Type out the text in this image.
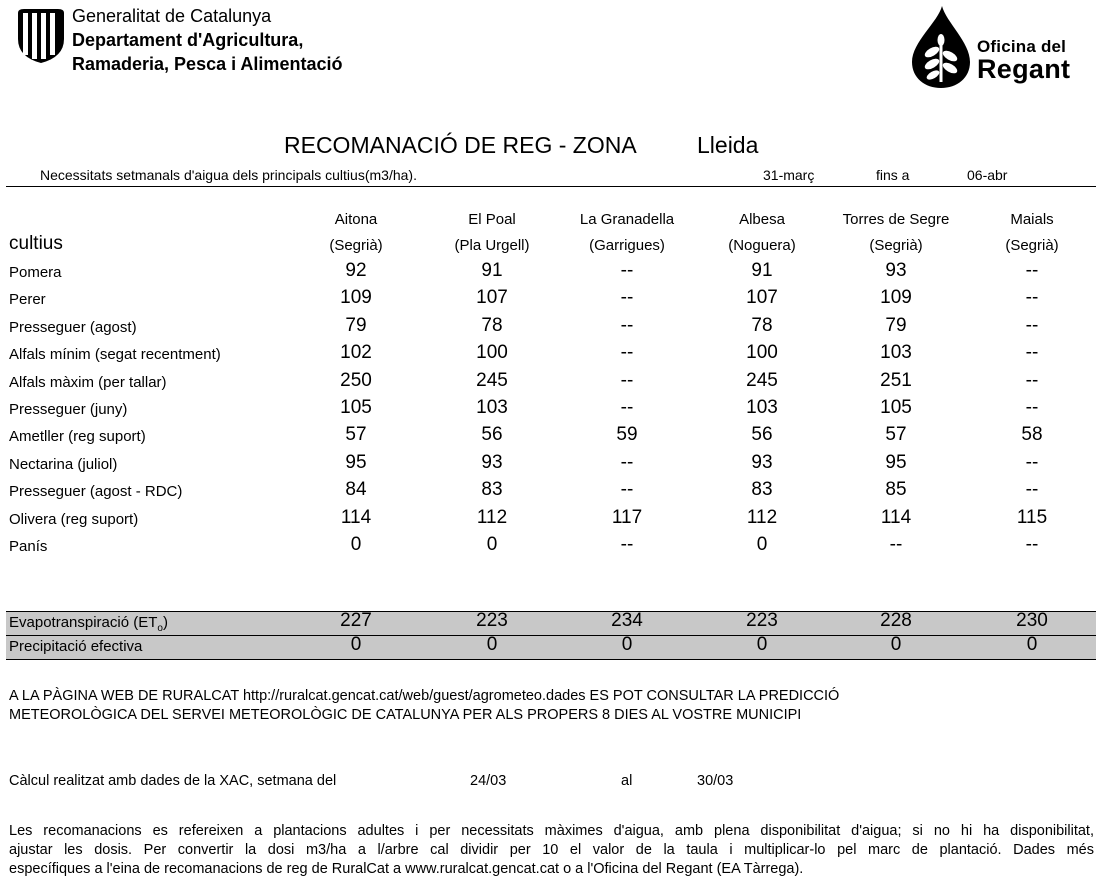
Generalitat de Catalunya
Departament d'Agricultura,
Ramaderia, Pesca i Alimentació
Oficina del
Regant
RECOMANACIÓ DE REG - ZONA	Lleida
Necessitats setmanals d'aigua dels principals cultius(m3/ha).	31-març	fins a	06-abr
cultius
Aitona
(Segrià)
El Poal
(Pla Urgell)
La Granadella
(Garrigues)
Albesa
(Noguera)
Torres de Segre
(Segrià)
Maials
(Segrià)
Pomera	92	91	--	91	93	--
Perer	109	107	--	107	109	--
Presseguer (agost)	79	78	--	78	79	--
Alfals mínim (segat recentment)	102	100	--	100	103	--
Alfals màxim (per tallar)	250	245	--	245	251	--
Presseguer (juny)	105	103	--	103	105	--
Ametller (reg suport)	57	56	59	56	57	58
Nectarina (juliol)	95	93	--	93	95	--
Presseguer (agost - RDC)	84	83	--	83	85	--
Olivera (reg suport)	114	112	117	112	114	115
Panís	0	0	--	0	--	--
Evapotranspiració $(ET_o)$	227	223	234	223	228	230
Precipitació efectiva	0	0	0	0	0	0
A LA PÀGINA WEB DE RURALCAT http://ruralcat.gencat.cat/web/guest/agrometeo.dades ES POT CONSULTAR LA PREDICCIÓ
METEOROLÒGICA DEL SERVEI METEOROLÒGIC DE CATALUNYA PER ALS PROPERS 8 DIES AL VOSTRE MUNICIPI
Càlcul realitzat amb dades de la XAC, setmana del	24/03	al	30/03
Les recomanacions es refereixen a plantacions adultes i per necessitats màximes d'aigua, amb plena disponibilitat d'aigua; si no hi ha disponibilitat,
ajustar les dosis. Per convertir la dosi m3/ha a l/arbre cal dividir per 10 el valor de la taula i multiplicar-lo pel marc de plantació. Dades més
específiques a l'eina de recomanacions de reg de RuralCat a www.ruralcat.gencat.cat o a l'Oficina del Regant (EA Tàrrega).
